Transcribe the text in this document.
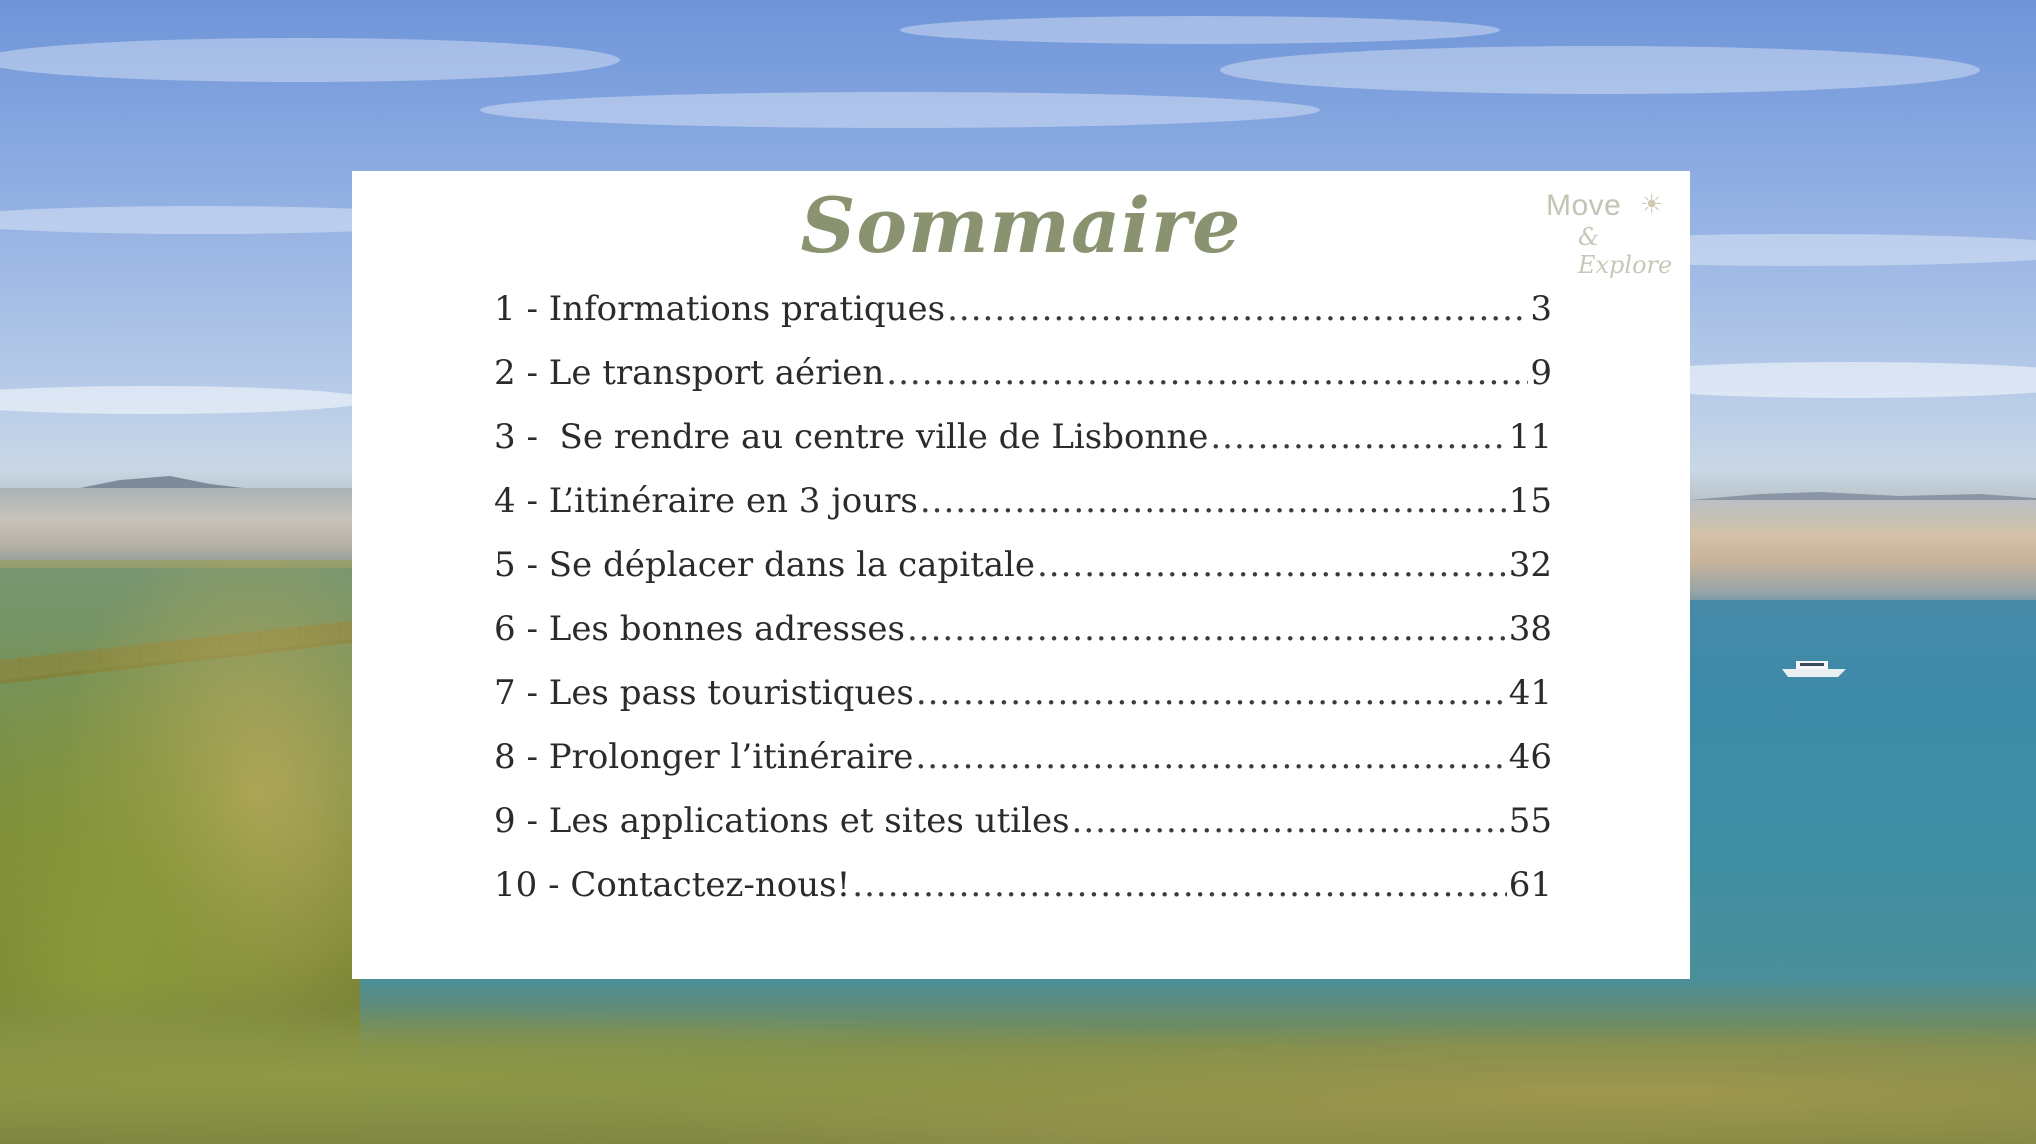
Sommaire	Move ☀
& Explore
1 - Informations pratiques .....	3
2 - Le transport aérien .....	9
3 -  Se rendre au centre ville de Lisbonne .....	11
4 - L’itinéraire en 3 jours .....	15
5 - Se déplacer dans la capitale .....	32
6 - Les bonnes adresses .....	38
7 - Les pass touristiques .....	41
8 - Prolonger l’itinéraire .....	46
9 - Les applications et sites utiles .....	55
10 - Contactez-nous! .....	61
